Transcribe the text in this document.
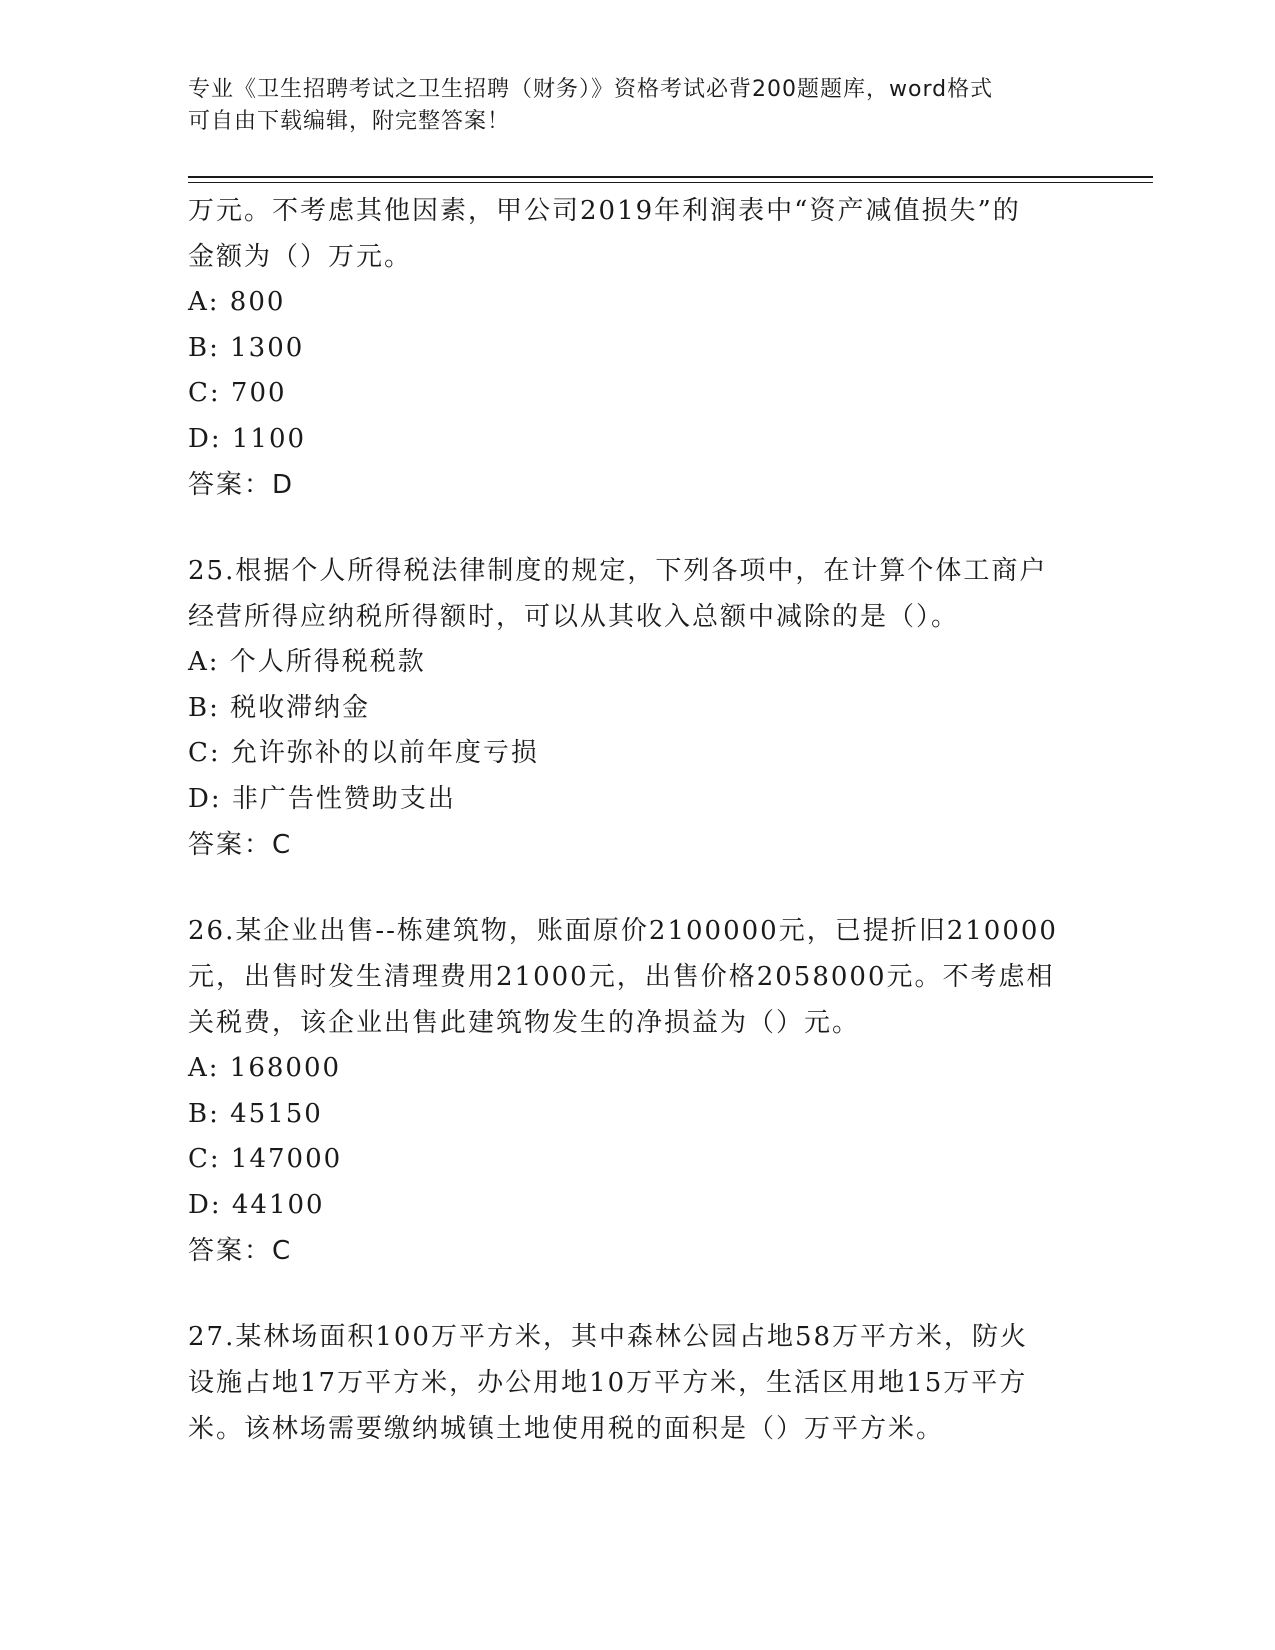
专业《卫生招聘考试之卫生招聘（财务）》资格考试必背200题题库，word格式
可自由下载编辑，附完整答案！
万元。不考虑其他因素，甲公司2019年利润表中“资产减值损失”的
金额为（）万元。
A: 800
B: 1300
C: 700
D: 1100
答案：D
25.根据个人所得税法律制度的规定，下列各项中，在计算个体工商户
经营所得应纳税所得额时，可以从其收入总额中减除的是（）。
A: 个人所得税税款
B: 税收滞纳金
C: 允许弥补的以前年度亏损
D: 非广告性赞助支出
答案：C
26.某企业出售--栋建筑物，账面原价2100000元，已提折旧210000
元，出售时发生清理费用21000元，出售价格2058000元。不考虑相
关税费，该企业出售此建筑物发生的净损益为（）元。
A: 168000
B: 45150
C: 147000
D: 44100
答案：C
27.某林场面积100万平方米，其中森林公园占地58万平方米，防火
设施占地17万平方米，办公用地10万平方米，生活区用地15万平方
米。该林场需要缴纳城镇土地使用税的面积是（）万平方米。
